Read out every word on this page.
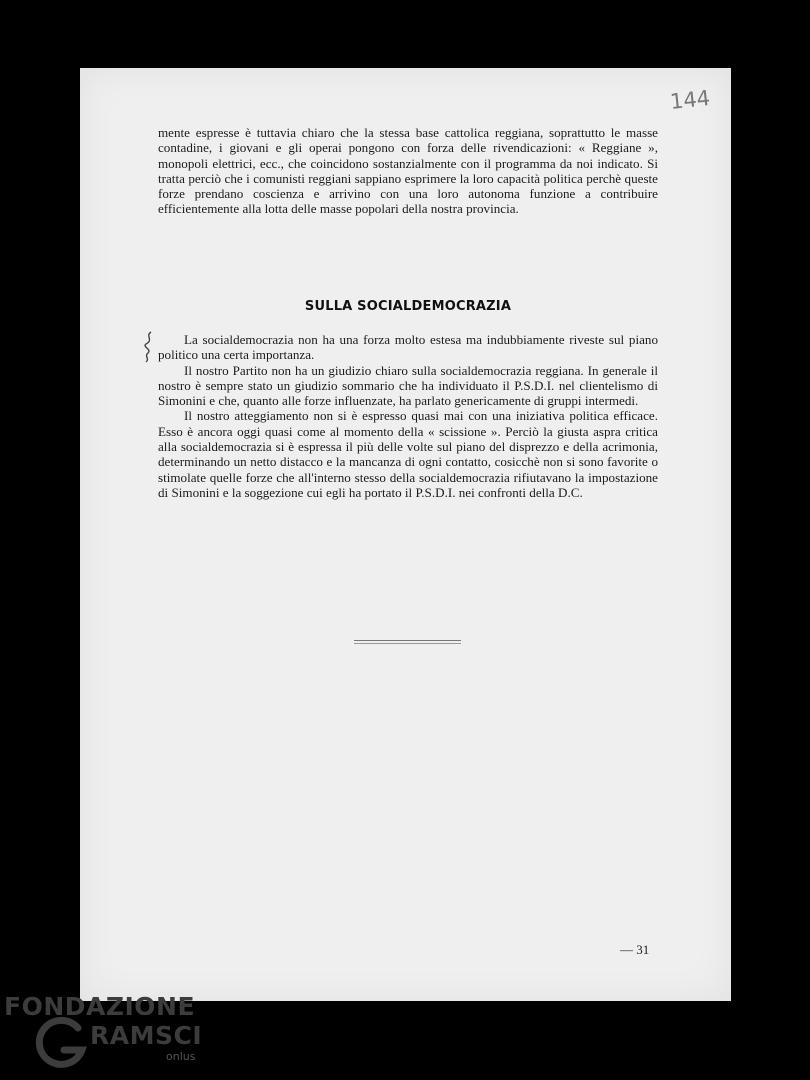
144

mente espresse è tuttavia chiaro che la stessa base cattolica reggiana, soprattutto le masse contadine, i giovani e gli operai pongono con forza delle rivendicazioni: « Reggiane », monopoli elettrici, ecc., che coincidono sostanzialmente con il programma da noi indicato. Si tratta perciò che i comunisti reggiani sappiano esprimere la loro capacità politica perchè queste forze prendano coscienza e arrivino con una loro autonoma funzione a contribuire efficientemente alla lotta delle masse popolari della nostra provincia.

SULLA SOCIALDEMOCRAZIA

La socialdemocrazia non ha una forza molto estesa ma indubbiamente riveste sul piano politico una certa importanza.

Il nostro Partito non ha un giudizio chiaro sulla socialdemocrazia reggiana. In generale il nostro è sempre stato un giudizio sommario che ha individuato il P.S.D.I. nel clientelismo di Simonini e che, quanto alle forze influenzate, ha parlato genericamente di gruppi intermedi.

Il nostro atteggiamento non si è espresso quasi mai con una iniziativa politica efficace. Esso è ancora oggi quasi come al momento della « scissione ». Perciò la giusta aspra critica alla socialdemocrazia si è espressa il più delle volte sul piano del disprezzo e della acrimonia, determinando un netto distacco e la mancanza di ogni contatto, cosicchè non si sono favorite o stimolate quelle forze che all'interno stesso della socialdemocrazia rifiutavano la impostazione di Simonini e la soggezione cui egli ha portato il P.S.D.I. nei confronti della D.C.

— 31
FONDAZIONE
RAMSCI
onlus
